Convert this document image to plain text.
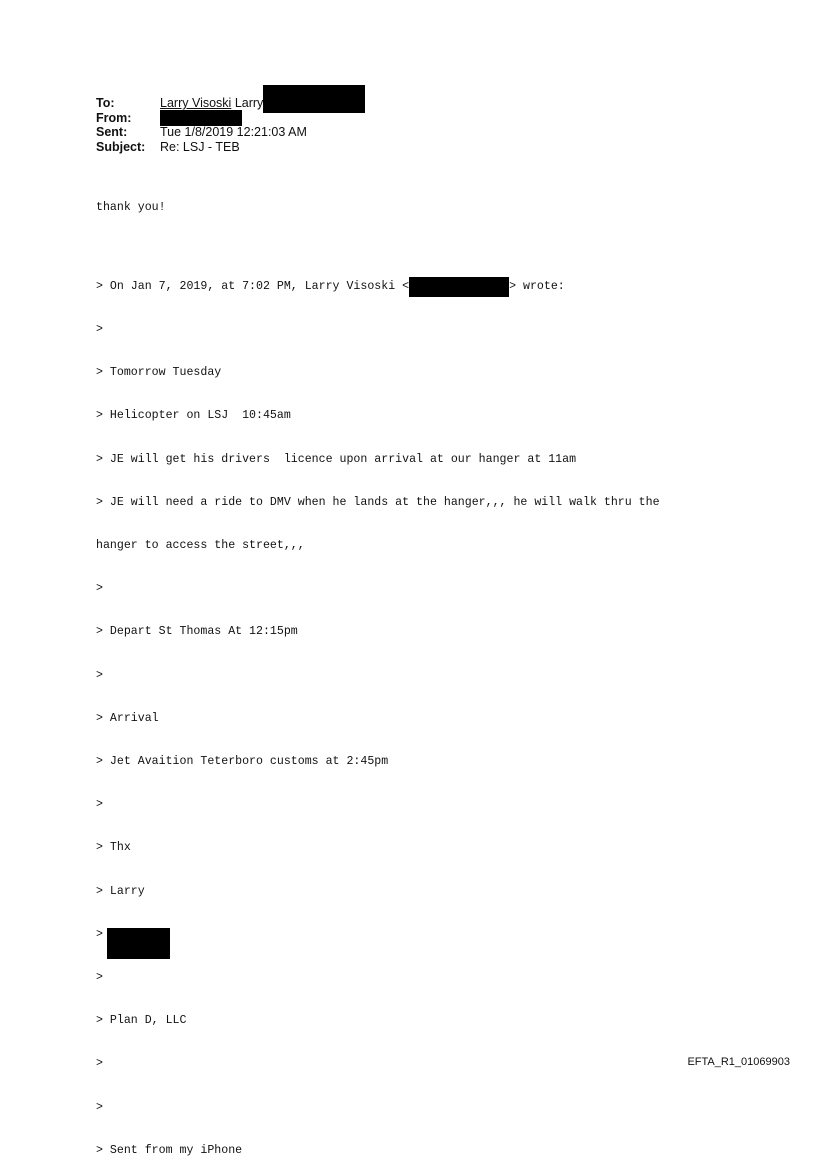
To:	Larry Visoski
Larry
From:
Sent:	Tue 1/8/2019 12:21:03 AM
Subject:	Re: LSJ - TEB

thank you!

> On Jan 7, 2019, at 7:02 PM, Larry Visoski <	> wrote:

>

> Tomorrow Tuesday

> Helicopter on LSJ  10:45am

> JE will get his drivers  licence upon arrival at our hanger at 11am

> JE will need a ride to DMV when he lands at the hanger,,, he will walk thru the

hanger to access the street,,,

>

> Depart St Thomas At 12:15pm

>

> Arrival

> Jet Avaition Teterboro customs at 2:45pm

>

> Thx

> Larry

>

>

> Plan D, LLC

>

>

> Sent from my iPhone

EFTA_R1_01069903
